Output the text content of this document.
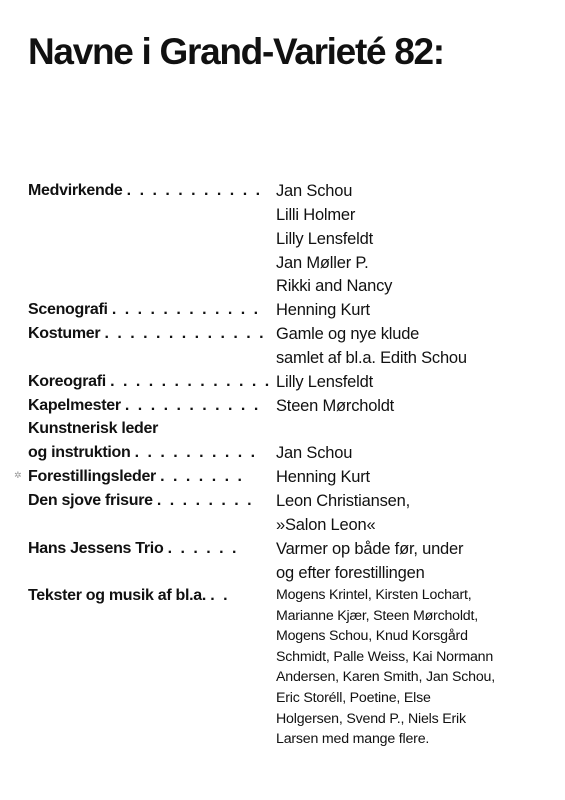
Navne i Grand-Varieté 82:
Medvirkende . . . . . . . . . . . Jan Schou
Lilli Holmer
Lilly Lensfeldt
Jan Møller P.
Rikki and Nancy
Scenografi . . . . . . . . . . . . Henning Kurt
Kostumer . . . . . . . . . . . . . Gamle og nye klude
samlet af bl.a. Edith Schou
Koreografi . . . . . . . . . . . . . Lilly Lensfeldt
Kapelmester . . . . . . . . . . . Steen Mørcholdt
Kunstnerisk leder
og instruktion . . . . . . . . . . Jan Schou
Forestillingsleder . . . . . . . Henning Kurt
Den sjove frisure . . . . . . . . Leon Christiansen,
»Salon Leon«
Hans Jessens Trio . . . . . . Varmer op både før, under
og efter forestillingen
Tekster og musik af bl.a. . .	Mogens Krintel, Kirsten Lochart,
Marianne Kjær, Steen Mørcholdt,
Mogens Schou, Knud Korsgård
Schmidt, Palle Weiss, Kai Normann
Andersen, Karen Smith, Jan Schou,
Eric Storéll, Poetine, Else
Holgersen, Svend P., Niels Erik
Larsen med mange flere.
✲
